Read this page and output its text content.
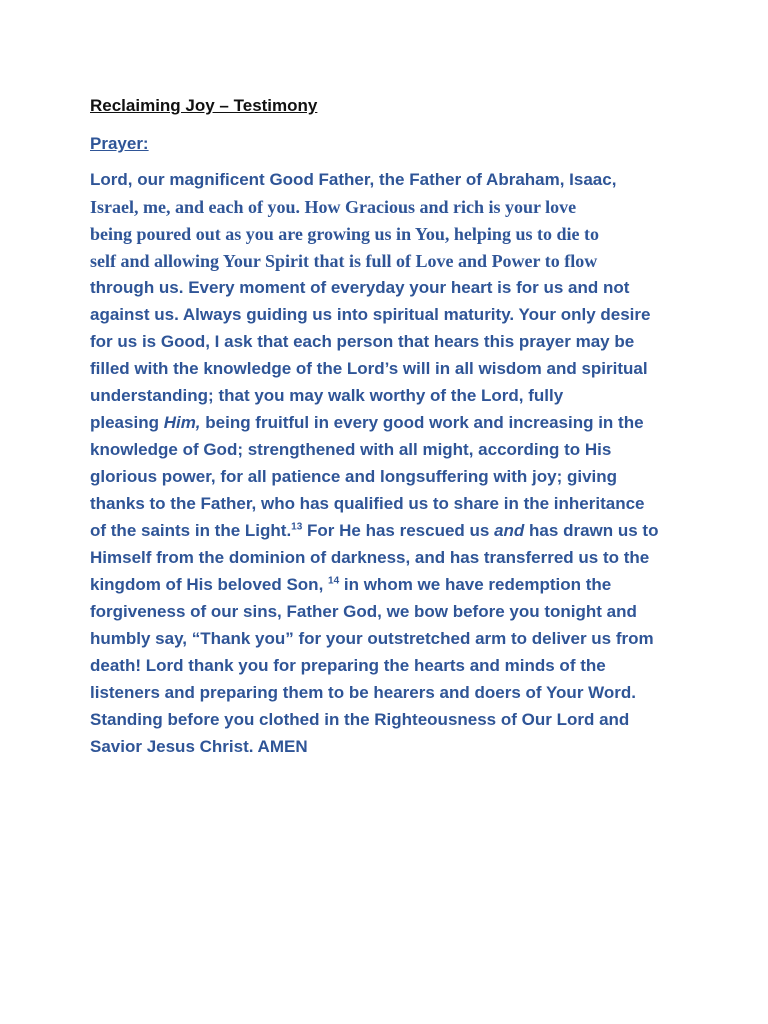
Reclaiming Joy – Testimony
Prayer:
Lord, our magnificent Good Father, the Father of Abraham, Isaac,
Israel, me, and each of you. How Gracious and rich is your love
being poured out as you are growing us in You, helping us to die to
self and allowing Your Spirit that is full of Love and Power to flow
through us. Every moment of everyday your heart is for us and not
against us. Always guiding us into spiritual maturity. Your only desire
for us is Good, I ask that each person that hears this prayer may be
filled with the knowledge of the Lord’s will in all wisdom and spiritual
understanding; that you may walk worthy of the Lord, fully
pleasing Him, being fruitful in every good work and increasing in the
knowledge of God; strengthened with all might, according to His
glorious power, for all patience and longsuffering with joy; giving
thanks to the Father, who has qualified us to share in the inheritance
of the saints in the Light.$^{13}$ For He has rescued us and has drawn us to
Himself from the dominion of darkness, and has transferred us to the
kingdom of His beloved Son, $^{14}$ in whom we have redemption the
forgiveness of our sins, Father God, we bow before you tonight and
humbly say, “Thank you” for your outstretched arm to deliver us from
death! Lord thank you for preparing the hearts and minds of the
listeners and preparing them to be hearers and doers of Your Word.
Standing before you clothed in the Righteousness of Our Lord and
Savior Jesus Christ. AMEN
